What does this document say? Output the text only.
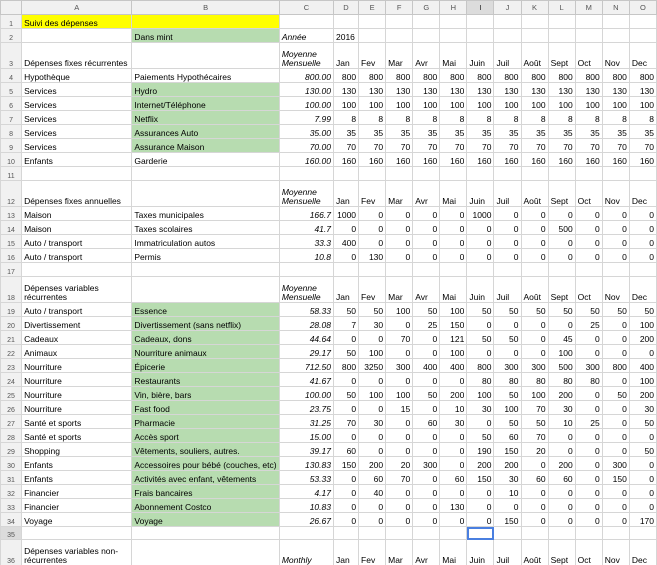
	A	B	C	D	E	F	G	H	I	J	K	L	M	N	O
1	Suivi des dépenses														
2		Dans mint	Année	2016											
3	Dépenses fixes récurrentes		Moyenne Mensuelle	Jan	Fev	Mar	Avr	Mai	Juin	Juil	Août	Sept	Oct	Nov	Dec
4	Hypothèque	Paiements Hypothécaires	800.00	800	800	800	800	800	800	800	800	800	800	800	800
5	Services	Hydro	130.00	130	130	130	130	130	130	130	130	130	130	130	130
6	Services	Internet/Téléphone	100.00	100	100	100	100	100	100	100	100	100	100	100	100
7	Services	Netflix	7.99	8	8	8	8	8	8	8	8	8	8	8	8
8	Services	Assurances Auto	35.00	35	35	35	35	35	35	35	35	35	35	35	35
9	Services	Assurance Maison	70.00	70	70	70	70	70	70	70	70	70	70	70	70
10	Enfants	Garderie	160.00	160	160	160	160	160	160	160	160	160	160	160	160
11															
12	Dépenses fixes annuelles		Moyenne Mensuelle	Jan	Fev	Mar	Avr	Mai	Juin	Juil	Août	Sept	Oct	Nov	Dec
13	Maison	Taxes municipales	166.7	1000	0	0	0	0	1000	0	0	0	0	0	0
14	Maison	Taxes scolaires	41.7	0	0	0	0	0	0	0	0	500	0	0	0
15	Auto / transport	Immatriculation autos	33.3	400	0	0	0	0	0	0	0	0	0	0	0
16	Auto / transport	Permis	10.8	0	130	0	0	0	0	0	0	0	0	0	0
17															
18	Dépenses variables récurrentes		Moyenne Mensuelle	Jan	Fev	Mar	Avr	Mai	Juin	Juil	Août	Sept	Oct	Nov	Dec
19	Auto / transport	Essence	58.33	50	50	100	50	100	50	50	50	50	50	50	50
20	Divertissement	Divertissement (sans netflix)	28.08	7	30	0	25	150	0	0	0	0	25	0	100
21	Cadeaux	Cadeaux, dons	44.64	0	0	70	0	121	50	50	0	45	0	0	200
22	Animaux	Nourriture animaux	29.17	50	100	0	0	100	0	0	0	100	0	0	0
23	Nourriture	Épicerie	712.50	800	3250	300	400	400	800	300	300	500	300	800	400
24	Nourriture	Restaurants	41.67	0	0	0	0	0	80	80	80	80	80	0	100
25	Nourriture	Vin, bière, bars	100.00	50	100	100	50	200	100	50	100	200	0	50	200
26	Nourriture	Fast food	23.75	0	0	15	0	10	30	100	70	30	0	0	30
27	Santé et sports	Pharmacie	31.25	70	30	0	60	30	0	50	50	10	25	0	50
28	Santé et sports	Accès sport	15.00	0	0	0	0	0	50	60	70	0	0	0	0
29	Shopping	Vêtements, souliers, autres.	39.17	60	0	0	0	0	190	150	20	0	0	0	50
30	Enfants	Accessoires pour bébé (couches, etc)	130.83	150	200	20	300	0	200	200	0	200	0	300	0
31	Enfants	Activités avec enfant, vêtements	53.33	0	60	70	0	60	150	30	60	60	0	150	0
32	Financier	Frais bancaires	4.17	0	40	0	0	0	0	10	0	0	0	0	0
33	Financier	Abonnement Costco	10.83	0	0	0	0	130	0	0	0	0	0	0	0
34	Voyage	Voyage	26.67	0	0	0	0	0	0	150	0	0	0	0	170
35															
36	Dépenses variables non-récurrentes		Monthly	Jan	Fev	Mar	Avr	Mai	Juin	Juil	Août	Sept	Oct	Nov	Dec
